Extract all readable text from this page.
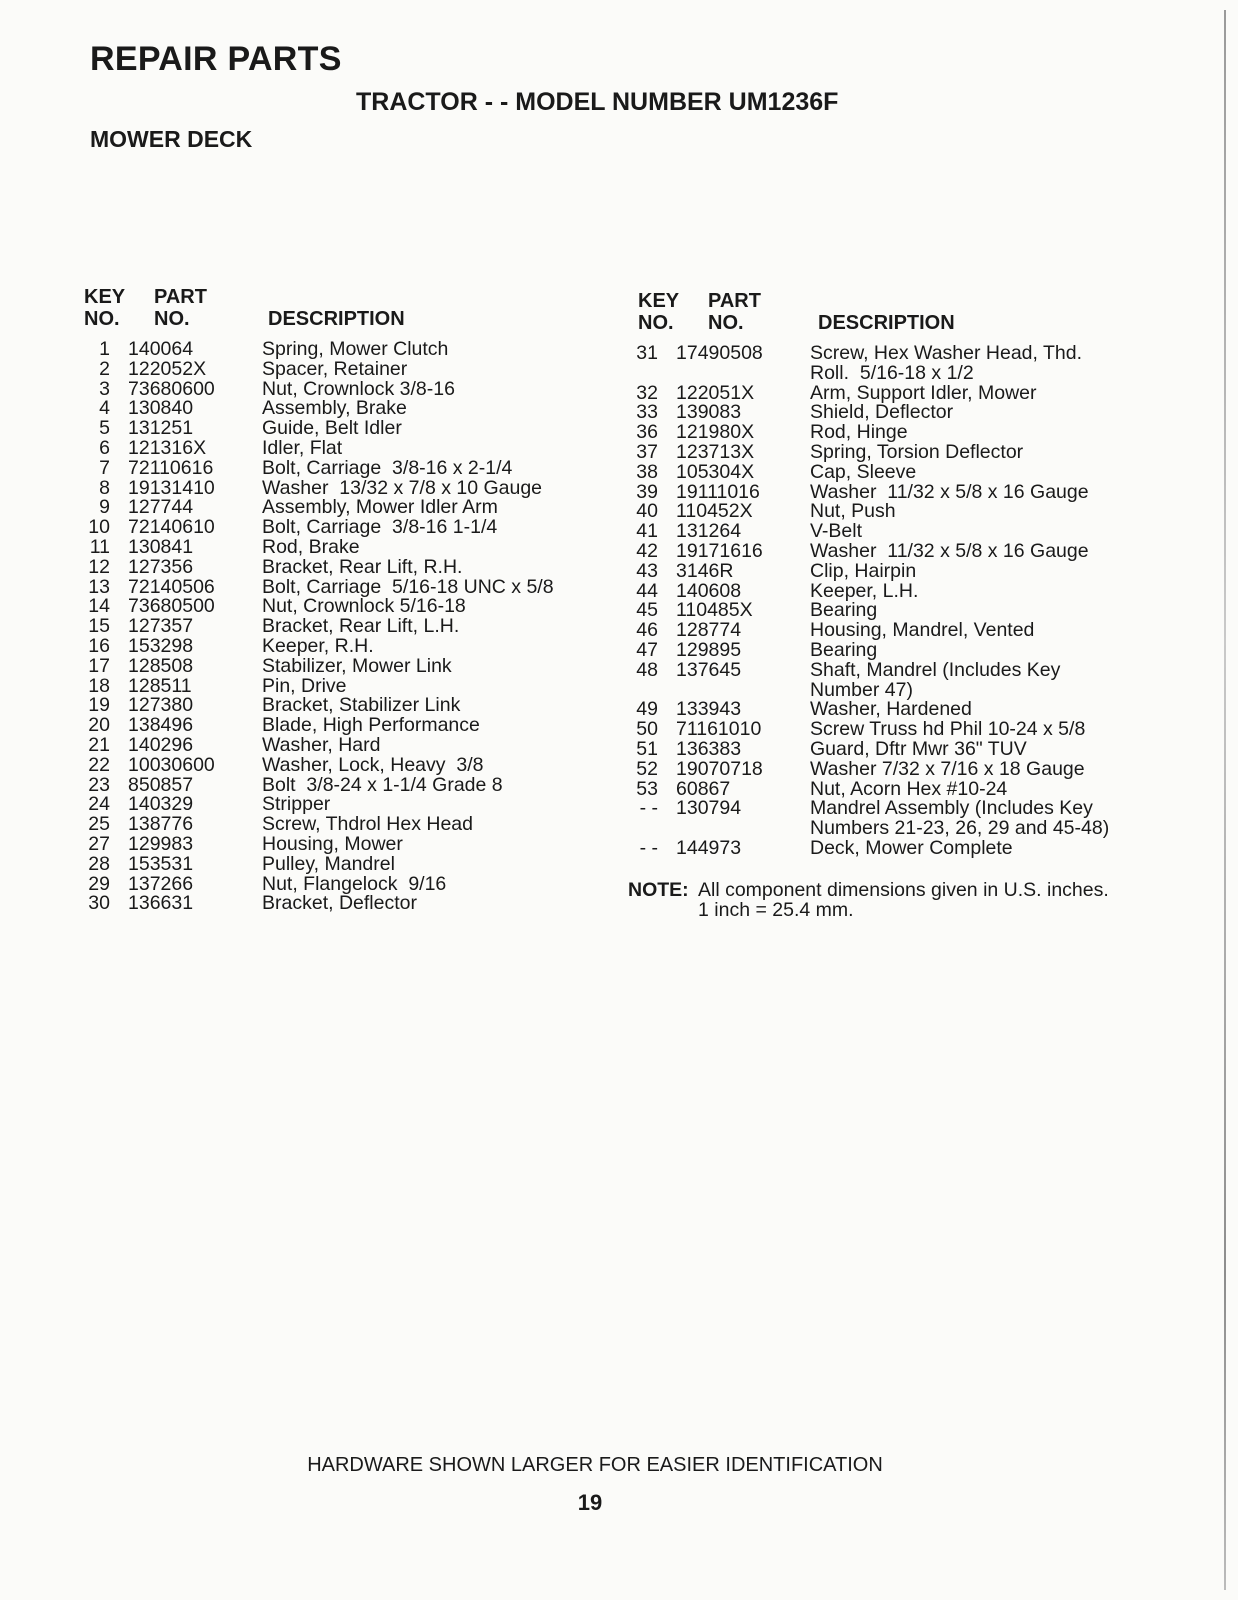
REPAIR PARTS
TRACTOR - - MODEL NUMBER UM1236F
MOWER DECK
KEY
NO.
PART
NO.	DESCRIPTION
1 140064	Spring, Mower Clutch
2 122052X	Spacer, Retainer
3 73680600	Nut, Crownlock 3/8-16
4 130840	Assembly, Brake
5 131251	Guide, Belt Idler
6 121316X	Idler, Flat
7 72110616	Bolt, Carriage  3/8-16 x 2-1/4
8 19131410	Washer  13/32 x 7/8 x 10 Gauge
9 127744	Assembly, Mower Idler Arm
10 72140610	Bolt, Carriage  3/8-16 1-1/4
11 130841	Rod, Brake
12 127356	Bracket, Rear Lift, R.H.
13 72140506	Bolt, Carriage  5/16-18 UNC x 5/8
14 73680500	Nut, Crownlock 5/16-18
15 127357	Bracket, Rear Lift, L.H.
16 153298	Keeper, R.H.
17 128508	Stabilizer, Mower Link
18 128511	Pin, Drive
19 127380	Bracket, Stabilizer Link
20 138496	Blade, High Performance
21 140296	Washer, Hard
22 10030600	Washer, Lock, Heavy  3/8
23 850857	Bolt  3/8-24 x 1-1/4 Grade 8
24 140329	Stripper
25 138776	Screw, Thdrol Hex Head
27 129983	Housing, Mower
28 153531	Pulley, Mandrel
29 137266	Nut, Flangelock  9/16
30 136631	Bracket, Deflector
KEY
NO.
PART
NO.	DESCRIPTION
31 17490508	Screw, Hex Washer Head, Thd.
Roll.  5/16-18 x 1/2
32 122051X	Arm, Support Idler, Mower
33 139083	Shield, Deflector
36 121980X	Rod, Hinge
37 123713X	Spring, Torsion Deflector
38 105304X	Cap, Sleeve
39 19111016	Washer  11/32 x 5/8 x 16 Gauge
40 110452X	Nut, Push
41 131264	V-Belt
42 19171616	Washer  11/32 x 5/8 x 16 Gauge
43 3146R	Clip, Hairpin
44 140608	Keeper, L.H.
45 110485X	Bearing
46 128774	Housing, Mandrel, Vented
47 129895	Bearing
48 137645	Shaft, Mandrel (Includes Key
Number 47)
49 133943	Washer, Hardened
50 71161010	Screw Truss hd Phil 10-24 x 5/8
51 136383	Guard, Dftr Mwr 36" TUV
52 19070718	Washer 7/32 x 7/16 x 18 Gauge
53 60867	Nut, Acorn Hex #10-24
- - 130794	Mandrel Assembly (Includes Key
Numbers 21-23, 26, 29 and 45-48)
- - 144973	Deck, Mower Complete
NOTE: All component dimensions given in U.S. inches.
1 inch = 25.4 mm.
HARDWARE SHOWN LARGER FOR EASIER IDENTIFICATION
19
